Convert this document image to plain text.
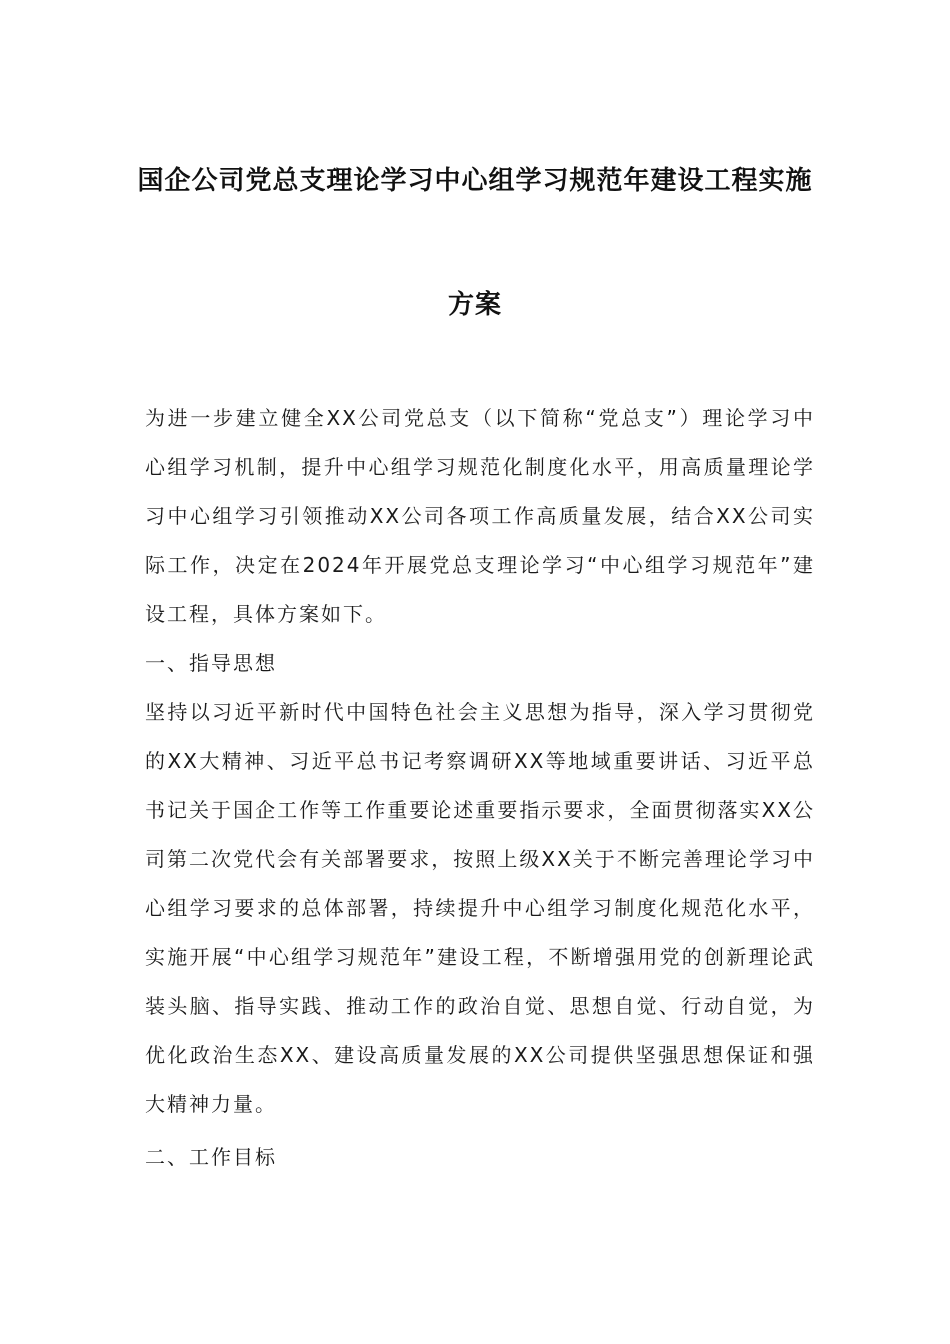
国企公司党总支理论学习中心组学习规范年建设工程实施
方案

为进一步建立健全XX公司党总支（以下简称“党总支”）理论学习中心组学习机制，提升中心组学习规范化制度化水平，用高质量理论学习中心组学习引领推动XX公司各项工作高质量发展，结合XX公司实际工作，决定在2024年开展党总支理论学习“中心组学习规范年”建设工程，具体方案如下。

一、指导思想

坚持以习近平新时代中国特色社会主义思想为指导，深入学习贯彻党的XX大精神、习近平总书记考察调研XX等地域重要讲话、习近平总书记关于国企工作等工作重要论述重要指示要求，全面贯彻落实XX公司第二次党代会有关部署要求，按照上级XX关于不断完善理论学习中心组学习要求的总体部署，持续提升中心组学习制度化规范化水平，实施开展“中心组学习规范年”建设工程，不断增强用党的创新理论武装头脑、指导实践、推动工作的政治自觉、思想自觉、行动自觉，为优化政治生态XX、建设高质量发展的XX公司提供坚强思想保证和强大精神力量。

二、工作目标
